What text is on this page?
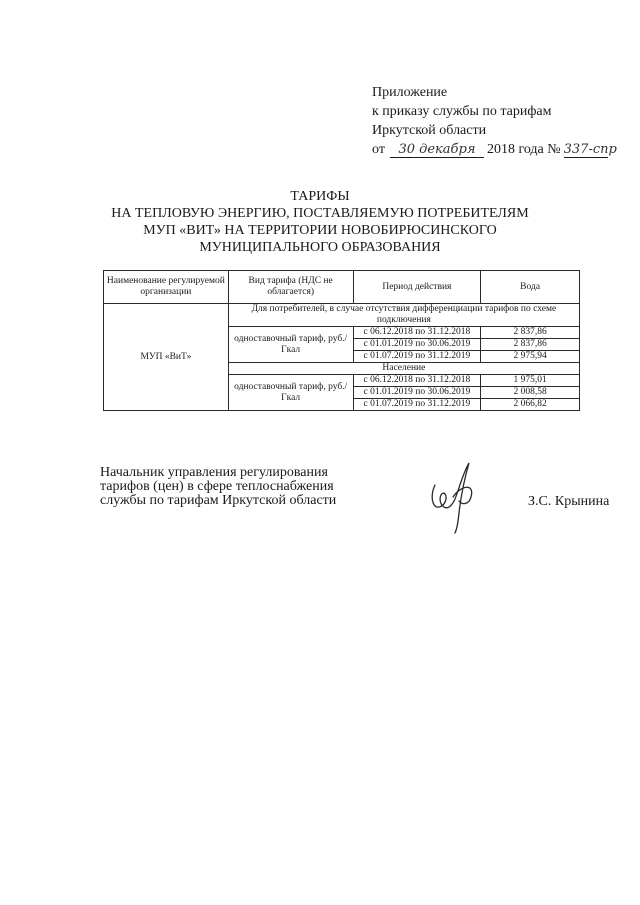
Приложение
к приказу службы по тарифам
Иркутской области
от 30 декабря 2018 года № 337-спр
ТАРИФЫ
НА ТЕПЛОВУЮ ЭНЕРГИЮ, ПОСТАВЛЯЕМУЮ ПОТРЕБИТЕЛЯМ
МУП «ВИТ» НА ТЕРРИТОРИИ НОВОБИРЮСИНСКОГО
МУНИЦИПАЛЬНОГО ОБРАЗОВАНИЯ
Наименование регулируемой организации	Вид тарифа (НДС не облагается)	Период действия	Вода
МУП «ВиТ»	Для потребителей, в случае отсутствия дифференциации тарифов по схеме подключения		
	одноставочный тариф, руб./Гкал	с 06.12.2018 по 31.12.2018	2 837,86
		с 01.01.2019 по 30.06.2019	2 837,86
		с 01.07.2019 по 31.12.2019	2 975,94
	Население		
	одноставочный тариф, руб./Гкал	с 06.12.2018 по 31.12.2018	1 975,01
		с 01.01.2019 по 30.06.2019	2 008,58
		с 01.07.2019 по 31.12.2019	2 066,82
Начальник управления регулирования
тарифов (цен) в сфере теплоснабжения
службы по тарифам Иркутской области	З.С. Крынина
